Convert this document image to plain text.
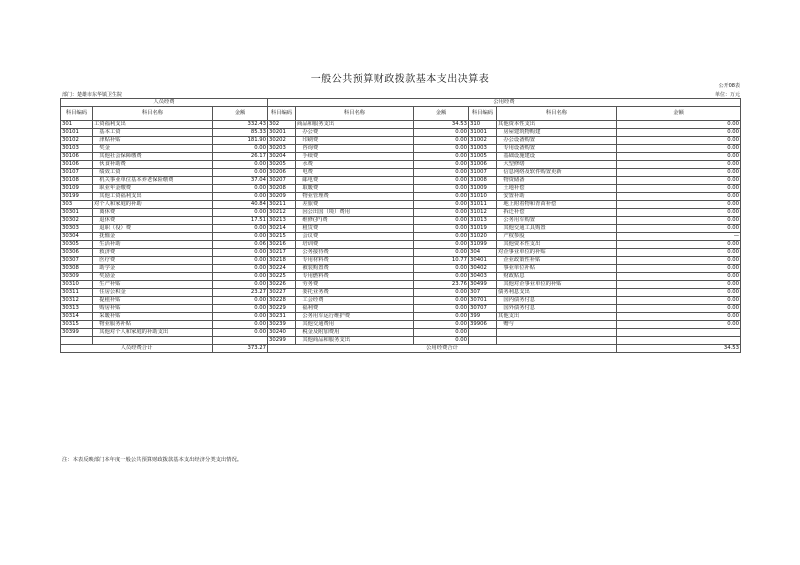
一般公共预算财政拨款基本支出决算表
公开08表
部门：楚雄市东华镇卫生院	单位：万元
人员经费			公用经费					
科目编码	科目名称	金额	科目编码	科目名称	金额	科目编码	科目名称	金额
301	工资福利支出	332.43	302	商品和服务支出	34.53	310	其他资本性支出	0.00
30101	　基本工资	85.33	30201	　办公费	0.00	31001	　房屋建筑物购建	0.00
30102	　津贴补贴	181.90	30202	　印刷费	0.00	31002	　办公设备购置	0.00
30103	　奖金	0.00	30203	　咨询费	0.00	31003	　专用设备购置	0.00
30106	　其他社会保障缴费	26.17	30204	　手续费	0.00	31005	　基础设施建设	0.00
30106	　伙食补助费	0.00	30205	　水费	0.00	31006	　大型修缮	0.00
30107	　绩效工资	0.00	30206	　电费	0.00	31007	　信息网络及软件购置更新	0.00
30108	　机关事业单位基本养老保险缴费	37.04	30207	　邮电费	0.00	31008	　物资储备	0.00
30109	　职业年金缴费	0.00	30208	　取暖费	0.00	31009	　土地补偿	0.00
30199	　其他工资福利支出	0.00	30209	　物业管理费	0.00	31010	　安置补助	0.00
303	对个人和家庭的补助	40.84	30211	　差旅费	0.00	31011	　地上附着物和青苗补偿	0.00
30301	　离休费	0.00	30212	　因公出国（境）费用	0.00	31012	　拆迁补偿	0.00
30302	　退休费	17.51	30213	　维修(护)费	0.00	31013	　公务用车购置	0.00
30303	　退职（役）费	0.00	30214	　租赁费	0.00	31019	　其他交通工具购置	0.00
30304	　抚恤金	0.00	30215	　会议费	0.00	31020	　产权参股	—
30305	　生活补助	0.06	30216	　培训费	0.00	31099	　其他资本性支出	0.00
30306	　救济费	0.00	30217	　公务接待费	0.00	304	对企事业单位的补贴	0.00
30307	　医疗费	0.00	30218	　专用材料费	10.77	30401	　企业政策性补贴	0.00
30308	　助学金	0.00	30224	　被装购置费	0.00	30402	　事业单位补贴	0.00
30309	　奖励金	0.00	30225	　专用燃料费	0.00	30403	　财政贴息	0.00
30310	　生产补贴	0.00	30226	　劳务费	23.76	30499	　其他对企事业单位的补贴	0.00
30311	　住房公积金	23.27	30227	　委托业务费	0.00	307	债务利息支出	0.00
30312	　提租补贴	0.00	30228	　工会经费	0.00	30701	　国内债务付息	0.00
30313	　购房补贴	0.00	30229	　福利费	0.00	30707	　国外债务付息	0.00
30314	　采暖补贴	0.00	30231	　公务用车运行维护费	0.00	399	其他支出	0.00
30315	　物业服务补贴	0.00	30239	　其他交通费用	0.00	39906	　赠与	0.00
30399	　其他对个人和家庭的补助支出	0.00	30240	　税金及附加费用	0.00			
			30299	　其他商品和服务支出	0.00			
人员经费合计		373.27	公用经费合计					34.53
注：本表反映部门本年度一般公共预算财政拨款基本支出经济分类支出情况。
